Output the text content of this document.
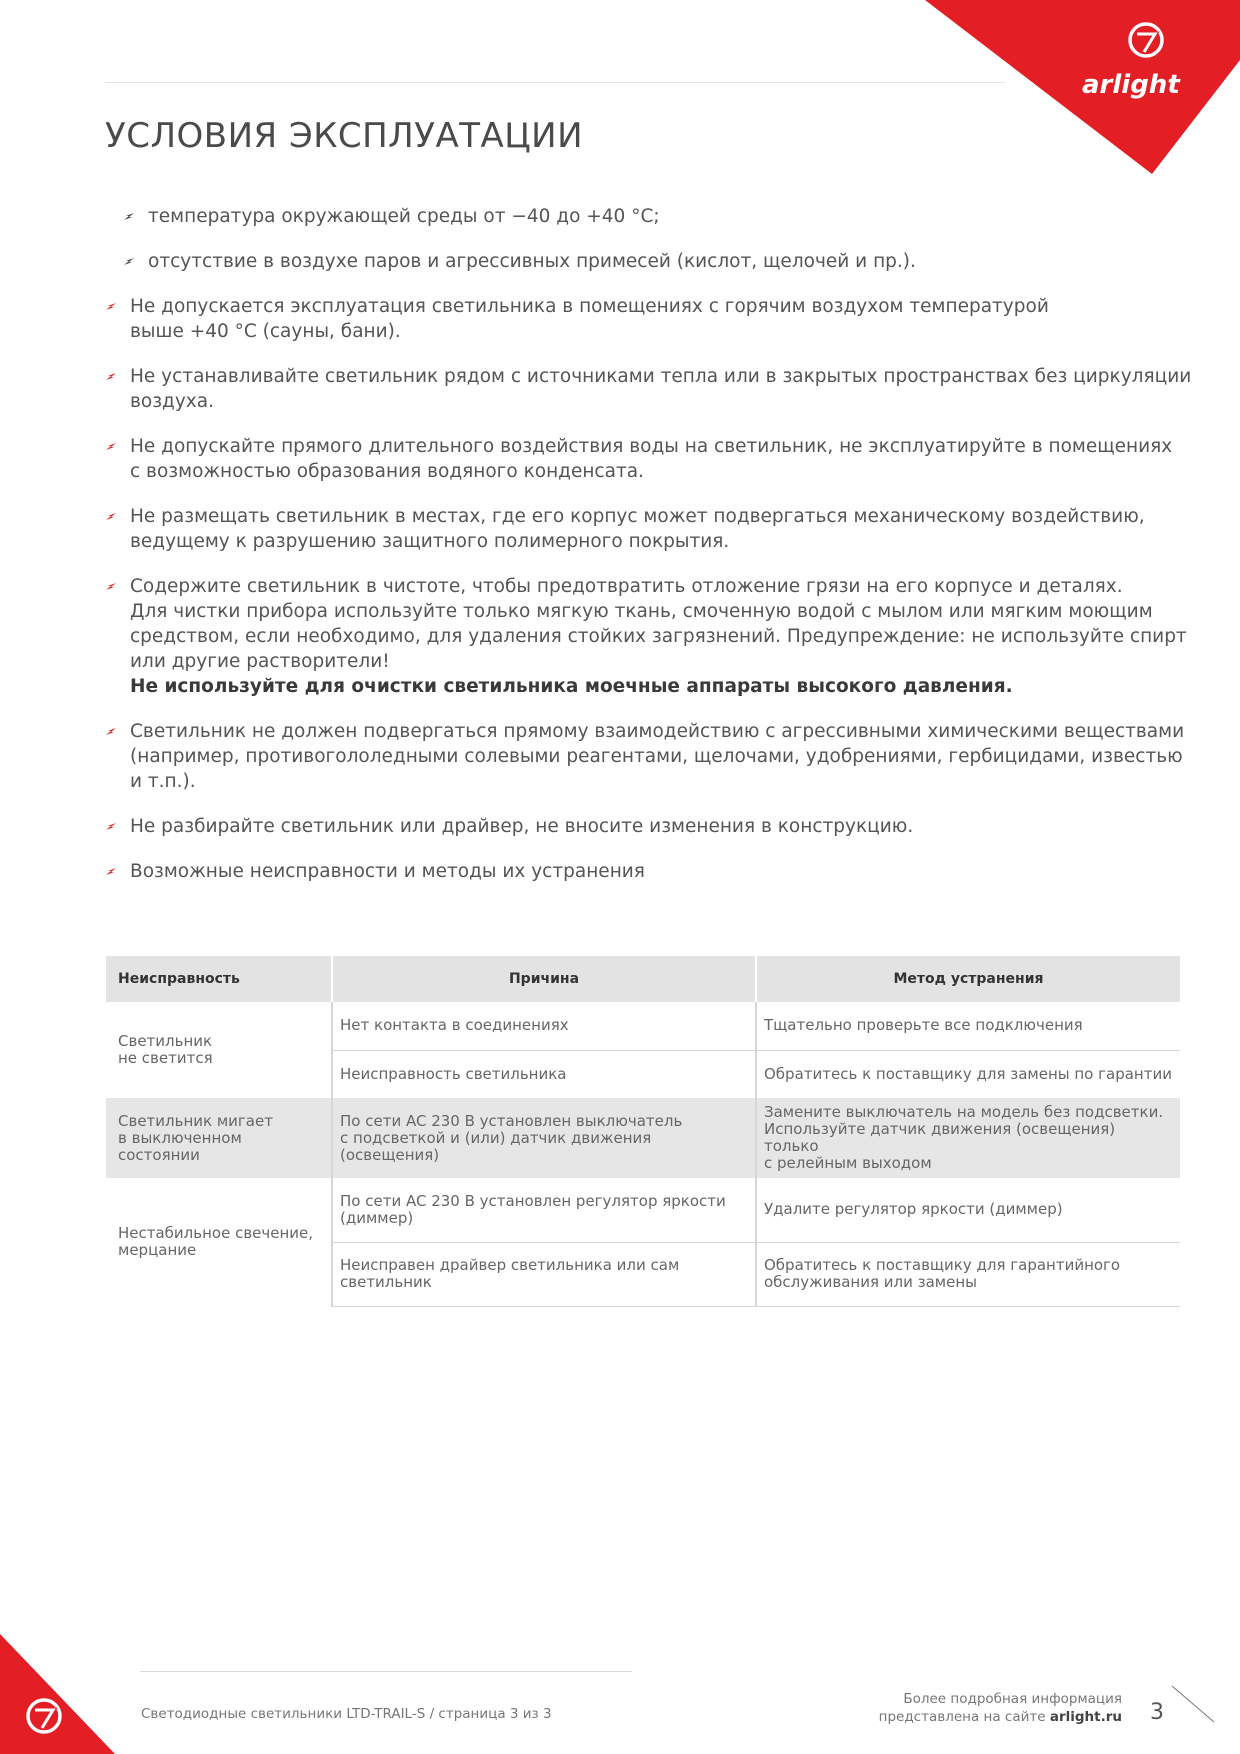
arlight
УСЛОВИЯ ЭКСПЛУАТАЦИИ
температура окружающей среды от −40 до +40 °C;
отсутствие в воздухе паров и агрессивных примесей (кислот, щелочей и пр.).
Не допускается эксплуатация светильника в помещениях с горячим воздухом температурой
выше +40 °C (сауны, бани).
Не устанавливайте светильник рядом с источниками тепла или в закрытых пространствах без циркуляции
воздуха.
Не допускайте прямого длительного воздействия воды на светильник, не эксплуатируйте в помещениях
с возможностью образования водяного конденсата.
Не размещать светильник в местах, где его корпус может подвергаться механическому воздействию,
ведущему к разрушению защитного полимерного покрытия.
Содержите светильник в чистоте, чтобы предотвратить отложение грязи на его корпусе и деталях.
Для чистки прибора используйте только мягкую ткань, смоченную водой с мылом или мягким моющим
средством, если необходимо, для удаления стойких загрязнений. Предупреждение: не используйте спирт
или другие растворители!
Не используйте для очистки светильника моечные аппараты высокого давления.
Светильник не должен подвергаться прямому взаимодействию с агрессивными химическими веществами
(например, противогололедными солевыми реагентами, щелочами, удобрениями, гербицидами, известью
и т.п.).
Не разбирайте светильник или драйвер, не вносите изменения в конструкцию.
Возможные неисправности и методы их устранения
Неисправность	Причина	Метод устранения

Светильник
не светится	Нет контакта в соединениях	Тщательно проверьте все подключения

	Неисправность светильника	Обратитесь к поставщику для замены по гарантии

Светильник мигает
в выключенном
состоянии	По сети AC 230 В установлен выключатель
с подсветкой и (или) датчик движения (освещения)	Замените выключатель на модель без подсветки.
Используйте датчик движения (освещения) только
с релейным выходом

Нестабильное свечение,
мерцание	По сети AC 230 В установлен регулятор яркости
(диммер)	Удалите регулятор яркости (диммер)

	Неисправен драйвер светильника или сам
светильник	Обратитесь к поставщику для гарантийного
обслуживания или замены
Светодиодные светильники LTD-TRAIL-S / страница 3 из 3
Более подробная информация
представлена на сайте arlight.ru 3
